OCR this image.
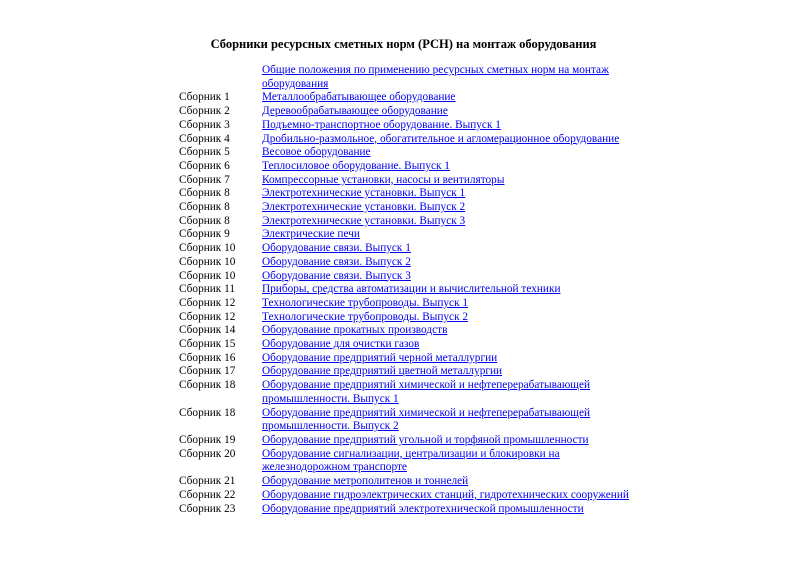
Сборники ресурсных сметных норм (РСН) на монтаж оборудования
Общие положения по применению ресурсных сметных норм на монтаж
оборудования
Сборник 1	Металлообрабатывающее оборудование
Сборник 2	Деревообрабатывающее оборудование
Сборник 3	Подъемно-транспортное оборудование. Выпуск 1
Сборник 4	Дробильно-размольное, обогатительное и агломерационное оборудование
Сборник 5	Весовое оборудование
Сборник 6	Теплосиловое оборудование. Выпуск 1
Сборник 7	Компрессорные установки, насосы и вентиляторы
Сборник 8	Электротехнические установки. Выпуск 1
Сборник 8	Электротехнические установки. Выпуск 2
Сборник 8	Электротехнические установки. Выпуск 3
Сборник 9	Электрические печи
Сборник 10	Оборудование связи. Выпуск 1
Сборник 10	Оборудование связи. Выпуск 2
Сборник 10	Оборудование связи. Выпуск 3
Сборник 11	Приборы, средства автоматизации и вычислительной техники
Сборник 12	Технологические трубопроводы. Выпуск 1
Сборник 12	Технологические трубопроводы. Выпуск 2
Сборник 14	Оборудование прокатных производств
Сборник 15	Оборудование для очистки газов
Сборник 16	Оборудование предприятий черной металлургии
Сборник 17	Оборудование предприятий цветной металлургии
Сборник 18	Оборудование предприятий химической и нефтеперерабатывающей
промышленности. Выпуск 1
Сборник 18	Оборудование предприятий химической и нефтеперерабатывающей
промышленности. Выпуск 2
Сборник 19	Оборудование предприятий угольной и торфяной промышленности
Сборник 20	Оборудование сигнализации, централизации и блокировки на
железнодорожном транспорте
Сборник 21	Оборудование метрополитенов и тоннелей
Сборник 22	Оборудование гидроэлектрических станций, гидротехнических сооружений
Сборник 23	Оборудование предприятий электротехнической промышленности
